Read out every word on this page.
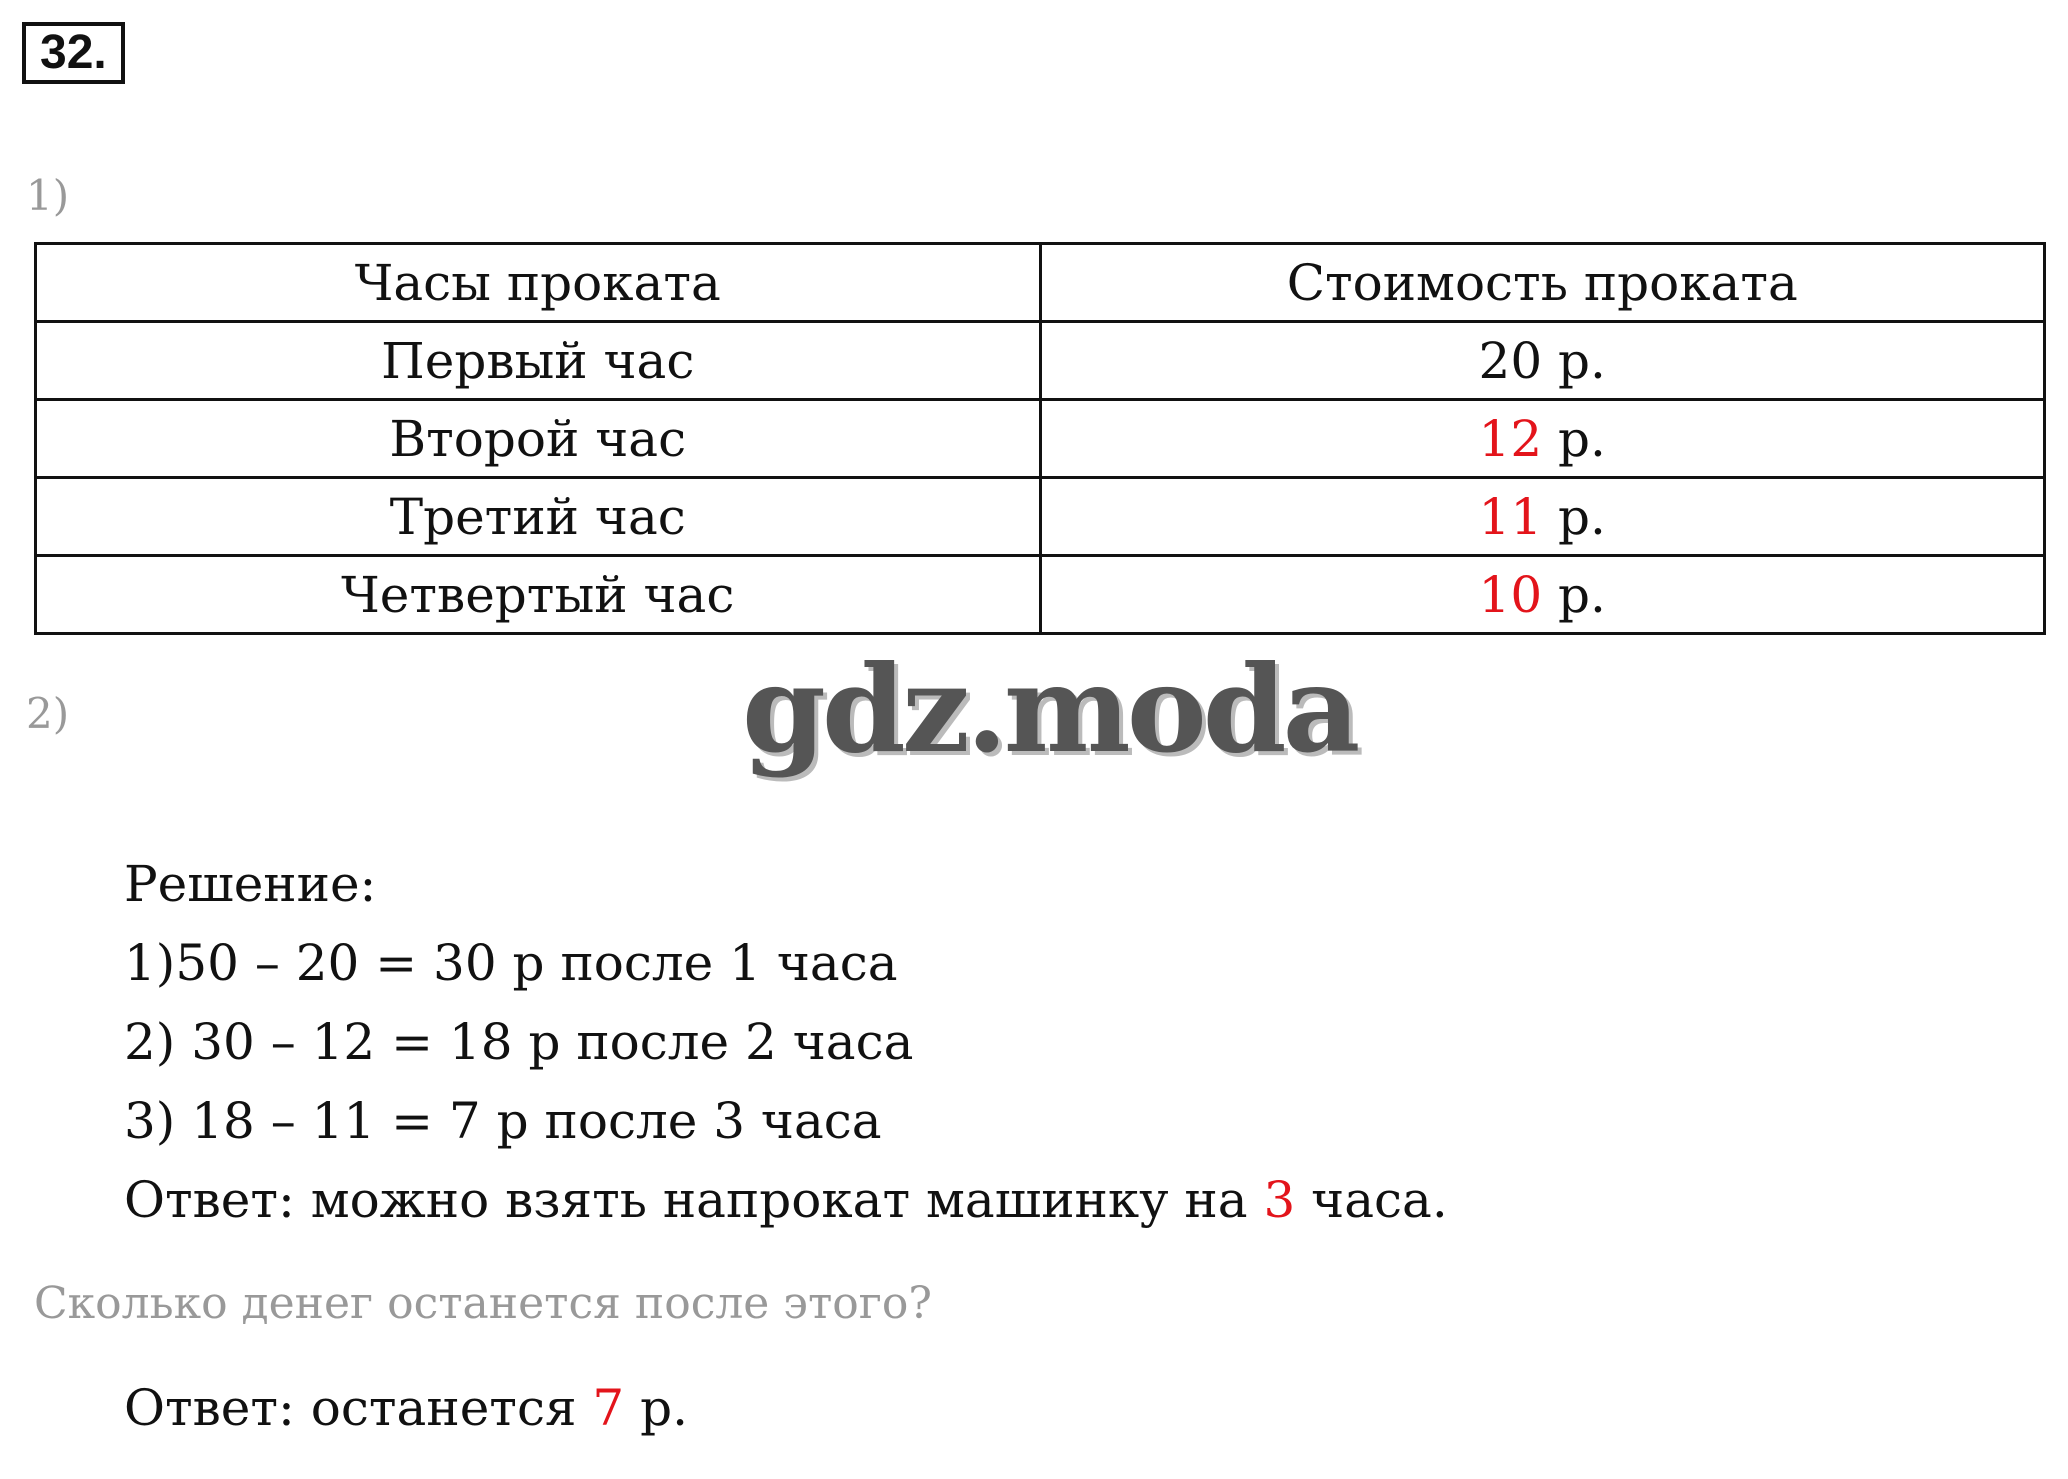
32.
1)
Часы проката	Стоимость проката
Первый час	20 р.
Второй час	12 р.
Третий час	11 р.
Четвертый час	10 р.
2)	gdz.moda
Решение:
1)50 – 20 = 30 р после 1 часа
2) 30 – 12 = 18 р после 2 часа
3) 18 – 11 = 7 р после 3 часа
Ответ: можно взять напрокат машинку на 3 часа.
Сколько денег останется после этого?
Ответ: останется 7 р.
